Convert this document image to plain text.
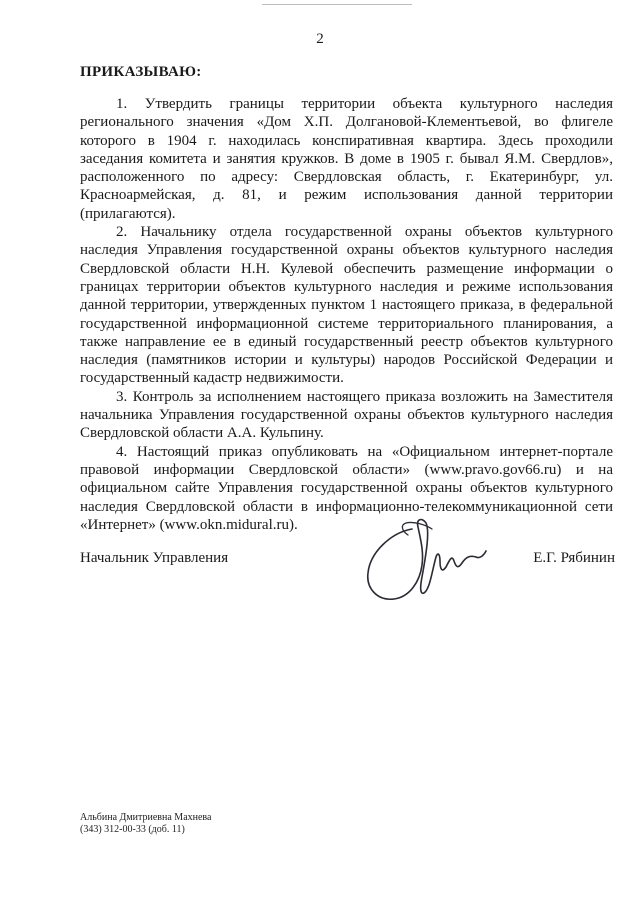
2
ПРИКАЗЫВАЮ:

1. Утвердить границы территории объекта культурного наследия регионального значения «Дом Х.П. Долгановой-Клементьевой, во флигеле которого в 1904 г. находилась конспиративная квартира. Здесь проходили заседания комитета и занятия кружков. В доме в 1905 г. бывал Я.М. Свердлов», расположенного по адресу: Свердловская область, г. Екатеринбург, ул. Красноармейская, д. 81, и режим использования данной территории (прилагаются).

2. Начальнику отдела государственной охраны объектов культурного наследия Управления государственной охраны объектов культурного наследия Свердловской области Н.Н. Кулевой обеспечить размещение информации о границах территории объектов культурного наследия и режиме использования данной территории, утвержденных пунктом 1 настоящего приказа, в федеральной государственной информационной системе территориального планирования, а также направление ее в единый государственный реестр объектов культурного наследия (памятников истории и культуры) народов Российской Федерации и государственный кадастр недвижимости.

3. Контроль за исполнением настоящего приказа возложить на Заместителя начальника Управления государственной охраны объектов культурного наследия Свердловской области А.А. Кульпину.

4. Настоящий приказ опубликовать на «Официальном интернет-портале правовой информации Свердловской области» (www.pravo.gov66.ru) и на официальном сайте Управления государственной охраны объектов культурного наследия Свердловской области в информационно-телекоммуникационной сети «Интернет» (www.okn.midural.ru).

Начальник Управления	Е.Г. Рябинин
Альбина Дмитриевна Махнева
(343) 312-00-33 (доб. 11)
